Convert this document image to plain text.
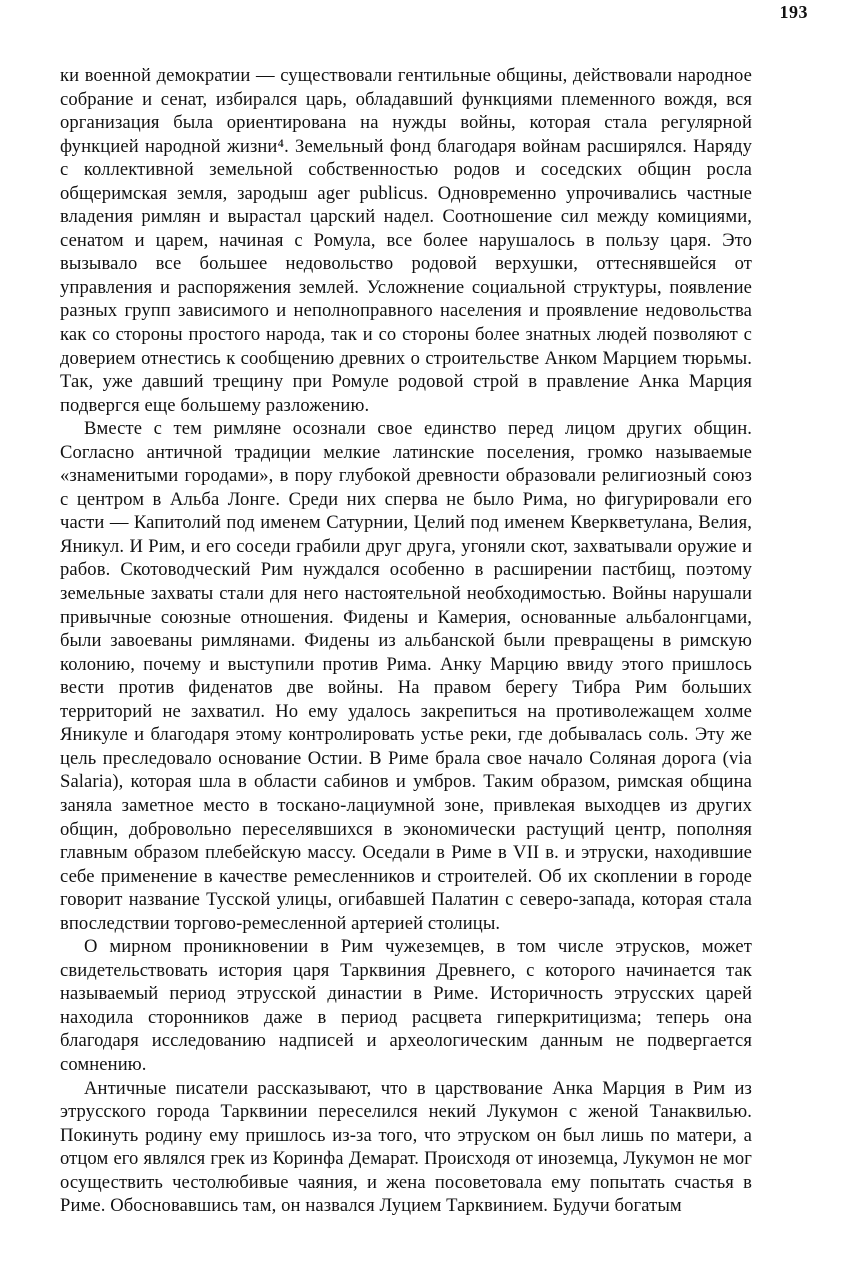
193

ки военной демократии — существовали гентильные общины, действовали народное собрание и сенат, избирался царь, обладавший функциями племенного вождя, вся организация была ориентирована на нужды войны, которая стала регулярной функцией народной жизни⁴. Земельный фонд благодаря войнам расширялся. Наряду с коллективной земельной собственностью родов и соседских общин росла общеримская земля, зародыш ager publicus. Одновременно упрочивались частные владения римлян и вырастал царский надел. Соотношение сил между комициями, сенатом и царем, начиная с Ромула, все более нарушалось в пользу царя. Это вызывало все большее недовольство родовой верхушки, оттеснявшейся от управления и распоряжения землей. Усложнение социальной структуры, появление разных групп зависимого и неполноправного населения и проявление недовольства как со стороны простого народа, так и со стороны более знатных людей позволяют с доверием отнестись к сообщению древних о строительстве Анком Марцием тюрьмы. Так, уже давший трещину при Ромуле родовой строй в правление Анка Марция подвергся еще большему разложению.

Вместе с тем римляне осознали свое единство перед лицом других общин. Согласно античной традиции мелкие латинские поселения, громко называемые «знаменитыми городами», в пору глубокой древности образовали религиозный союз с центром в Альба Лонге. Среди них сперва не было Рима, но фигурировали его части — Капитолий под именем Сатурнии, Целий под именем Кверкветулана, Велия, Яникул. И Рим, и его соседи грабили друг друга, угоняли скот, захватывали оружие и рабов. Скотоводческий Рим нуждался особенно в расширении пастбищ, поэтому земельные захваты стали для него настоятельной необходимостью. Войны нарушали привычные союзные отношения. Фидены и Камерия, основанные альбалонгцами, были завоеваны римлянами. Фидены из альбанской были превращены в римскую колонию, почему и выступили против Рима. Анку Марцию ввиду этого пришлось вести против фиденатов две войны. На правом берегу Тибра Рим больших территорий не захватил. Но ему удалось закрепиться на противолежащем холме Яникуле и благодаря этому контролировать устье реки, где добывалась соль. Эту же цель преследовало основание Остии. В Риме брала свое начало Соляная дорога (via Salaria), которая шла в области сабинов и умбров. Таким образом, римская община заняла заметное место в тоскано-лациумной зоне, привлекая выходцев из других общин, добровольно переселявшихся в экономически растущий центр, пополняя главным образом плебейскую массу. Оседали в Риме в VII в. и этруски, находившие себе применение в качестве ремесленников и строителей. Об их скоплении в городе говорит название Тусской улицы, огибавшей Палатин с северо-запада, которая стала впоследствии торгово-ремесленной артерией столицы.

О мирном проникновении в Рим чужеземцев, в том числе этрусков, может свидетельствовать история царя Тарквиния Древнего, с которого начинается так называемый период этрусской династии в Риме. Историчность этрусских царей находила сторонников даже в период расцвета гиперкритицизма; теперь она благодаря исследованию надписей и археологическим данным не подвергается сомнению.

Античные писатели рассказывают, что в царствование Анка Марция в Рим из этрусского города Тарквинии переселился некий Лукумон с женой Танаквилью. Покинуть родину ему пришлось из-за того, что этруском он был лишь по матери, а отцом его являлся грек из Коринфа Демарат. Происходя от иноземца, Лукумон не мог осуществить честолюбивые чаяния, и жена посоветовала ему попытать счастья в Риме. Обосновавшись там, он назвался Луцием Тарквинием. Будучи богатым
